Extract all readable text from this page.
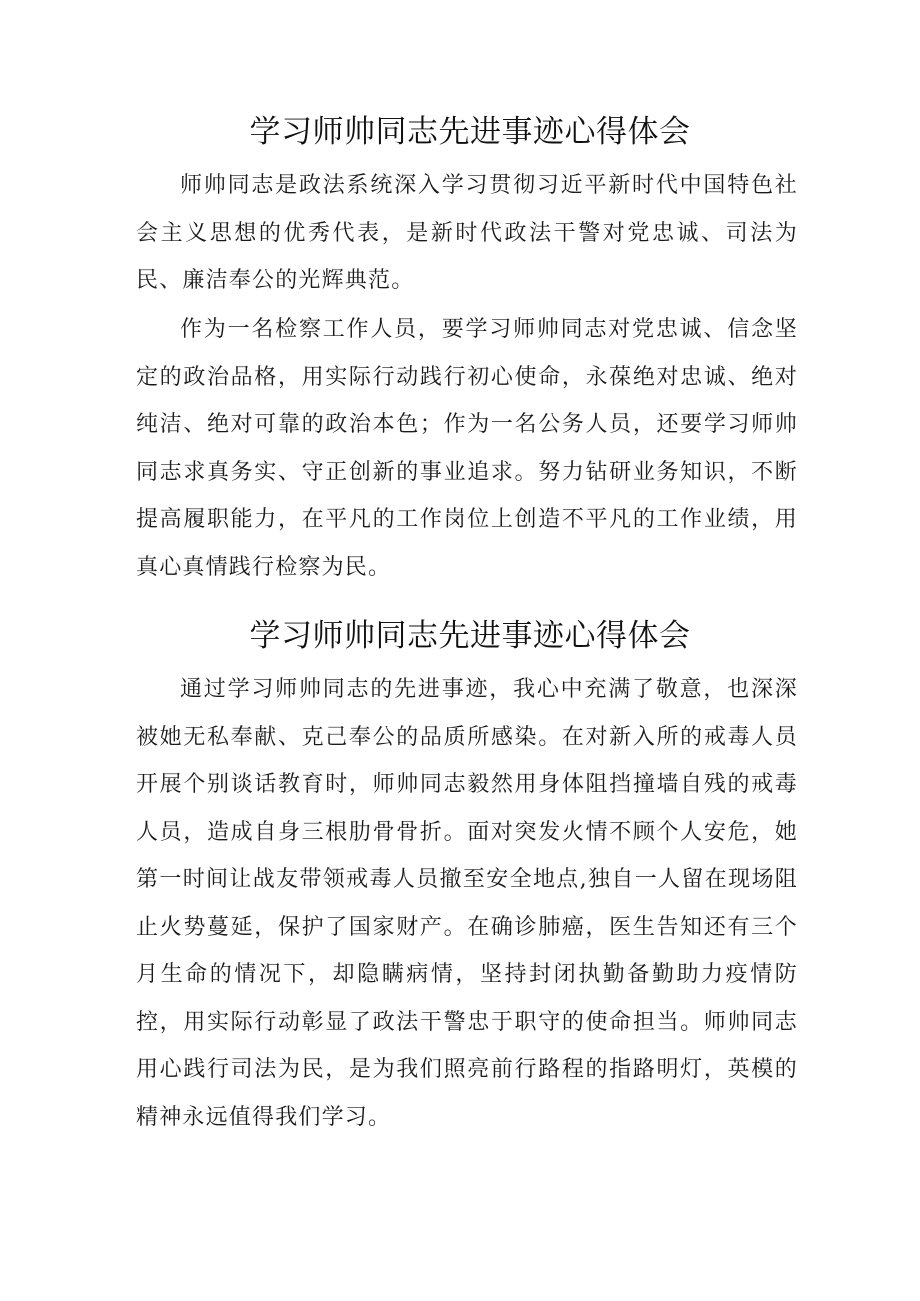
学习师帅同志先进事迹心得体会

师帅同志是政法系统深入学习贯彻习近平新时代中国特色社会主义思想的优秀代表，是新时代政法干警对党忠诚、司法为民、廉洁奉公的光辉典范。

作为一名检察工作人员，要学习师帅同志对党忠诚、信念坚定的政治品格，用实际行动践行初心使命，永葆绝对忠诚、绝对纯洁、绝对可靠的政治本色；作为一名公务人员，还要学习师帅同志求真务实、守正创新的事业追求。努力钻研业务知识，不断提高履职能力，在平凡的工作岗位上创造不平凡的工作业绩，用真心真情践行检察为民。

学习师帅同志先进事迹心得体会

通过学习师帅同志的先进事迹，我心中充满了敬意，也深深被她无私奉献、克己奉公的品质所感染。在对新入所的戒毒人员开展个别谈话教育时，师帅同志毅然用身体阻挡撞墙自残的戒毒人员，造成自身三根肋骨骨折。面对突发火情不顾个人安危，她第一时间让战友带领戒毒人员撤至安全地点,独自一人留在现场阻止火势蔓延，保护了国家财产。在确诊肺癌，医生告知还有三个月生命的情况下，却隐瞒病情，坚持封闭执勤备勤助力疫情防控，用实际行动彰显了政法干警忠于职守的使命担当。师帅同志用心践行司法为民，是为我们照亮前行路程的指路明灯，英模的精神永远值得我们学习。
